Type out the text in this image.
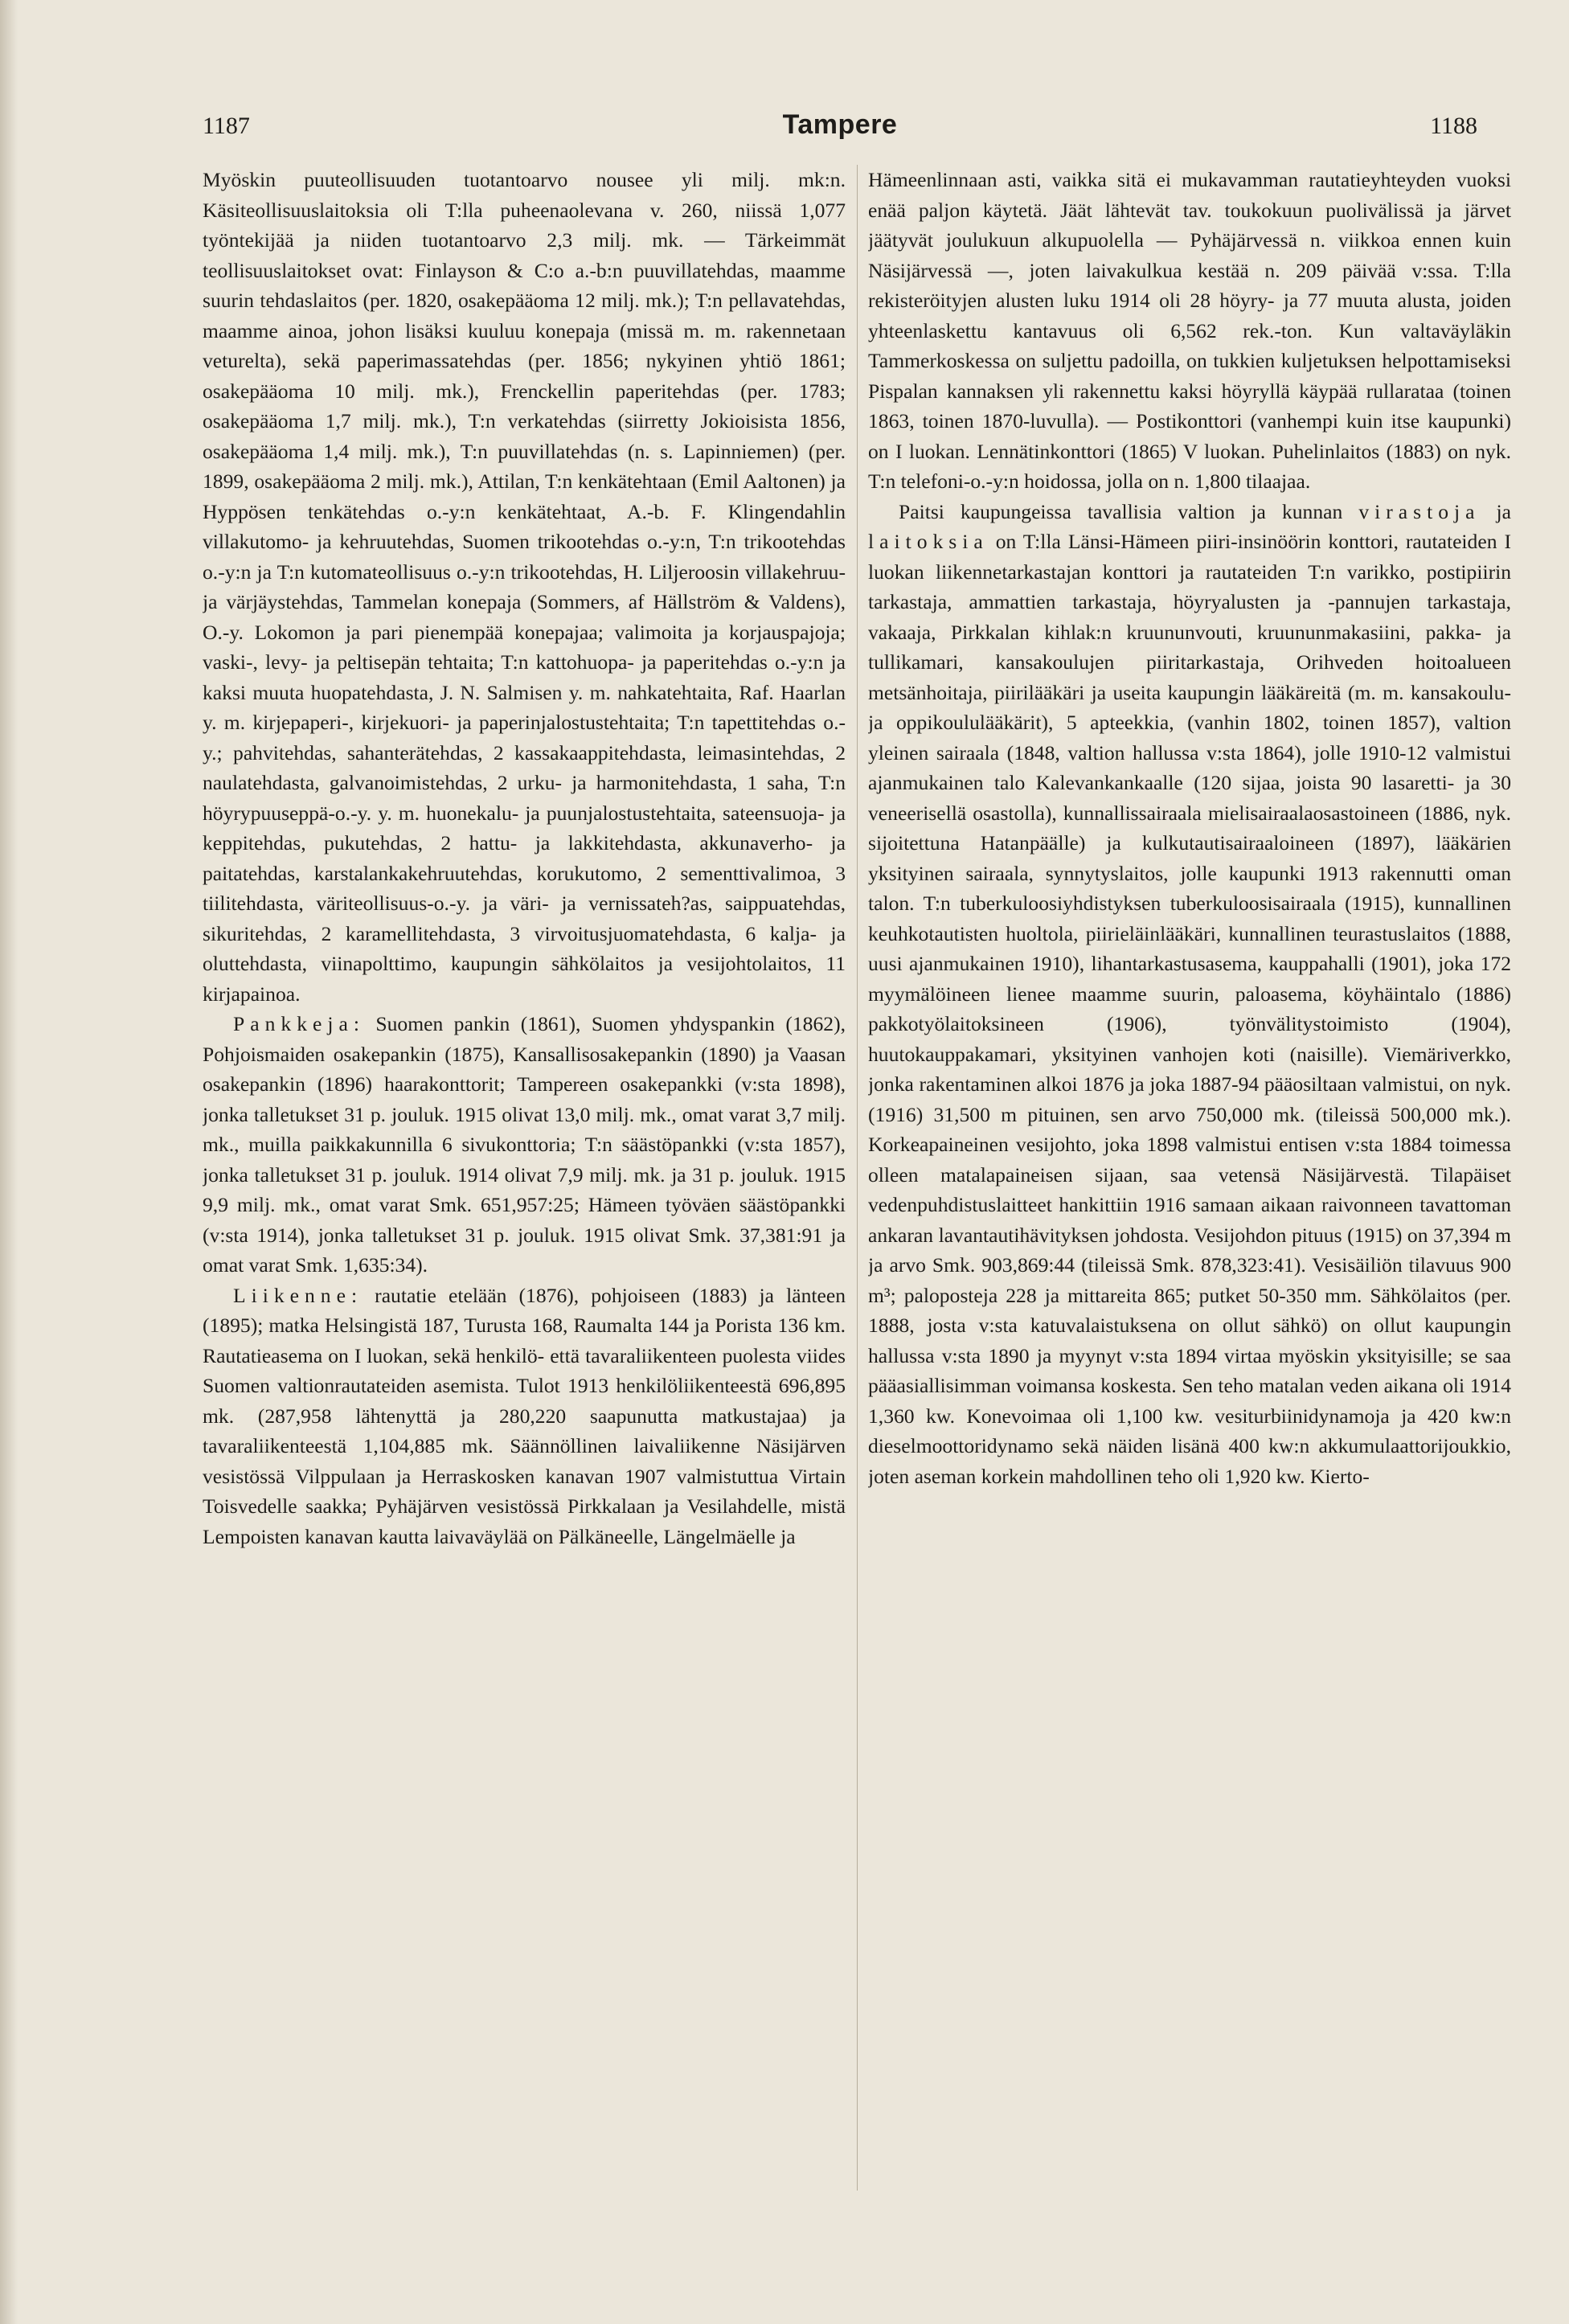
1187	Tampere	1188

Myöskin puuteollisuuden tuotantoarvo nousee yli milj. mk:n. Käsiteollisuuslaitoksia oli T:lla puheenaolevana v. 260, niissä 1,077 työntekijää ja niiden tuotantoarvo 2,3 milj. mk. — Tärkeimmät teollisuuslaitokset ovat: Finlayson & C:o a.-b:n puuvillatehdas, maamme suurin tehdaslaitos (per. 1820, osakepääoma 12 milj. mk.); T:n pellavatehdas, maamme ainoa, johon lisäksi kuuluu konepaja (missä m. m. rakennetaan veturelta), sekä paperimassatehdas (per. 1856; nykyinen yhtiö 1861; osakepääoma 10 milj. mk.), Frenckellin paperitehdas (per. 1783; osakepääoma 1,7 milj. mk.), T:n verkatehdas (siirretty Jokioisista 1856, osakepääoma 1,4 milj. mk.), T:n puuvillatehdas (n. s. Lapinniemen) (per. 1899, osakepääoma 2 milj. mk.), Attilan, T:n kenkätehtaan (Emil Aaltonen) ja Hyppösen tenkätehdas o.-y:n kenkätehtaat, A.-b. F. Klingendahlin villakutomo- ja kehruutehdas, Suomen trikootehdas o.-y:n, T:n trikootehdas o.-y:n ja T:n kutomateollisuus o.-y:n trikootehdas, H. Liljeroosin villakehruu- ja värjäystehdas, Tammelan konepaja (Sommers, af Hällström & Valdens), O.-y. Lokomon ja pari pienempää konepajaa; valimoita ja korjauspajoja; vaski-, levy- ja peltisepän tehtaita; T:n kattohuopa- ja paperitehdas o.-y:n ja kaksi muuta huopatehdasta, J. N. Salmisen y. m. nahkatehtaita, Raf. Haarlan y. m. kirjepaperi-, kirjekuori- ja paperinjalostustehtaita; T:n tapettitehdas o.-y.; pahvitehdas, sahanterätehdas, 2 kassakaappitehdasta, leimasintehdas, 2 naulatehdasta, galvanoimistehdas, 2 urku- ja harmonitehdasta, 1 saha, T:n höyrypuuseppä-o.-y. y. m. huonekalu- ja puunjalostustehtaita, sateensuoja- ja keppitehdas, pukutehdas, 2 hattu- ja lakkitehdasta, akkunaverho- ja paitatehdas, karstalankakehruutehdas, korukutomo, 2 sementtivalimoa, 3 tiilitehdasta, väriteollisuus-o.-y. ja väri- ja vernissateh?as, saippuatehdas, sikuritehdas, 2 karamellitehdasta, 3 virvoitusjuomatehdasta, 6 kalja- ja oluttehdasta, viinapolttimo, kaupungin sähkölaitos ja vesijohtolaitos, 11 kirjapainoa.

Pankkeja: Suomen pankin (1861), Suomen yhdyspankin (1862), Pohjoismaiden osakepankin (1875), Kansallisosakepankin (1890) ja Vaasan osakepankin (1896) haarakonttorit; Tampereen osakepankki (v:sta 1898), jonka talletukset 31 p. jouluk. 1915 olivat 13,0 milj. mk., omat varat 3,7 milj. mk., muilla paikkakunnilla 6 sivukonttoria; T:n säästöpankki (v:sta 1857), jonka talletukset 31 p. jouluk. 1914 olivat 7,9 milj. mk. ja 31 p. jouluk. 1915 9,9 milj. mk., omat varat Smk. 651,957:25; Hämeen työväen säästöpankki (v:sta 1914), jonka talletukset 31 p. jouluk. 1915 olivat Smk. 37,381:91 ja omat varat Smk. 1,635:34).

Liikenne: rautatie etelään (1876), pohjoiseen (1883) ja länteen (1895); matka Helsingistä 187, Turusta 168, Raumalta 144 ja Porista 136 km. Rautatieasema on I luokan, sekä henkilö- että tavaraliikenteen puolesta viides Suomen valtionrautateiden asemista. Tulot 1913 henkilöliikenteestä 696,895 mk. (287,958 lähtenyttä ja 280,220 saapunutta matkustajaa) ja tavaraliikenteestä 1,104,885 mk. Säännöllinen laivaliikenne Näsijärven vesistössä Vilppulaan ja Herraskosken kanavan 1907 valmistuttua Virtain Toisvedelle saakka; Pyhäjärven vesistössä Pirkkalaan ja Vesilahdelle, mistä Lempoisten kanavan kautta laivaväylää on Pälkäneelle, Längelmäelle ja

Hämeenlinnaan asti, vaikka sitä ei mukavamman rautatieyhteyden vuoksi enää paljon käytetä. Jäät lähtevät tav. toukokuun puolivälissä ja järvet jäätyvät joulukuun alkupuolella — Pyhäjärvessä n. viikkoa ennen kuin Näsijärvessä —, joten laivakulkua kestää n. 209 päivää v:ssa. T:lla rekisteröityjen alusten luku 1914 oli 28 höyry- ja 77 muuta alusta, joiden yhteenlaskettu kantavuus oli 6,562 rek.-ton. Kun valtaväyläkin Tammerkoskessa on suljettu padoilla, on tukkien kuljetuksen helpottamiseksi Pispalan kannaksen yli rakennettu kaksi höyryllä käypää rullarataa (toinen 1863, toinen 1870-luvulla). — Postikonttori (vanhempi kuin itse kaupunki) on I luokan. Lennätinkonttori (1865) V luokan. Puhelinlaitos (1883) on nyk. T:n telefoni-o.-y:n hoidossa, jolla on n. 1,800 tilaajaa.

Paitsi kaupungeissa tavallisia valtion ja kunnan virastoja ja laitoksia on T:lla Länsi-Hämeen piiri-insinöörin konttori, rautateiden I luokan liikennetarkastajan konttori ja rautateiden T:n varikko, postipiirin tarkastaja, ammattien tarkastaja, höyryalusten ja -pannujen tarkastaja, vakaaja, Pirkkalan kihlak:n kruununvouti, kruununmakasiini, pakka- ja tullikamari, kansakoulujen piiritarkastaja, Orihveden hoitoalueen metsänhoitaja, piirilääkäri ja useita kaupungin lääkäreitä (m. m. kansakoulu- ja oppikoululääkärit), 5 apteekkia, (vanhin 1802, toinen 1857), valtion yleinen sairaala (1848, valtion hallussa v:sta 1864), jolle 1910-12 valmistui ajanmukainen talo Kalevankankaalle (120 sijaa, joista 90 lasaretti- ja 30 veneerisellä osastolla), kunnallissairaala mielisairaalaosastoineen (1886, nyk. sijoitettuna Hatanpäälle) ja kulkutautisairaaloineen (1897), lääkärien yksityinen sairaala, synnytyslaitos, jolle kaupunki 1913 rakennutti oman talon. T:n tuberkuloosiyhdistyksen tuberkuloosisairaala (1915), kunnallinen keuhkotautisten huoltola, piirieläinlääkäri, kunnallinen teurastuslaitos (1888, uusi ajanmukainen 1910), lihantarkastusasema, kauppahalli (1901), joka 172 myymälöineen lienee maamme suurin, paloasema, köyhäintalo (1886) pakkotyölaitoksineen (1906), työnvälitystoimisto (1904), huutokauppakamari, yksityinen vanhojen koti (naisille). Viemäriverkko, jonka rakentaminen alkoi 1876 ja joka 1887-94 pääosiltaan valmistui, on nyk. (1916) 31,500 m pituinen, sen arvo 750,000 mk. (tileissä 500,000 mk.). Korkeapaineinen vesijohto, joka 1898 valmistui entisen v:sta 1884 toimessa olleen matalapaineisen sijaan, saa vetensä Näsijärvestä. Tilapäiset vedenpuhdistuslaitteet hankittiin 1916 samaan aikaan raivonneen tavattoman ankaran lavantautihävityksen johdosta. Vesijohdon pituus (1915) on 37,394 m ja arvo Smk. 903,869:44 (tileissä Smk. 878,323:41). Vesisäiliön tilavuus 900 m³; paloposteja 228 ja mittareita 865; putket 50-350 mm. Sähkölaitos (per. 1888, josta v:sta katuvalaistuksena on ollut sähkö) on ollut kaupungin hallussa v:sta 1890 ja myynyt v:sta 1894 virtaa myöskin yksityisille; se saa pääasiallisimman voimansa koskesta. Sen teho matalan veden aikana oli 1914 1,360 kw. Konevoimaa oli 1,100 kw. vesiturbiinidynamoja ja 420 kw:n dieselmoottoridynamo sekä näiden lisänä 400 kw:n akkumulaattorijoukkio, joten aseman korkein mahdollinen teho oli 1,920 kw. Kierto-
